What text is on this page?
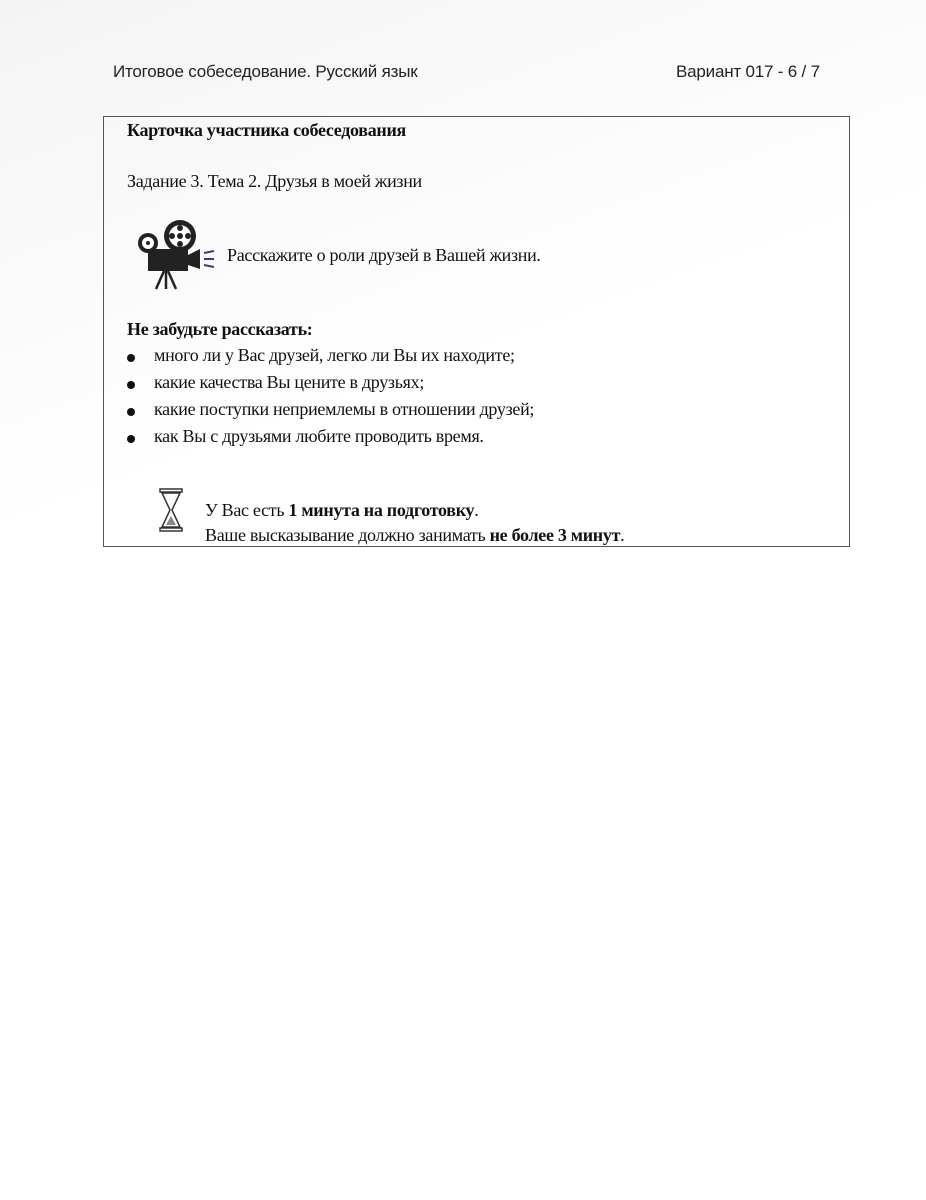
Итоговое собеседование. Русский язык	Вариант 017 - 6 / 7
Карточка участника собеседования
Задание 3. Тема 2. Друзья в моей жизни
Расскажите о роли друзей в Вашей жизни.
Не забудьте рассказать:
много ли у Вас друзей, легко ли Вы их находите;
какие качества Вы цените в друзьях;
какие поступки неприемлемы в отношении друзей;
как Вы с друзьями любите проводить время.
У Вас есть 1 минута на подготовку.
Ваше высказывание должно занимать не более 3 минут.
